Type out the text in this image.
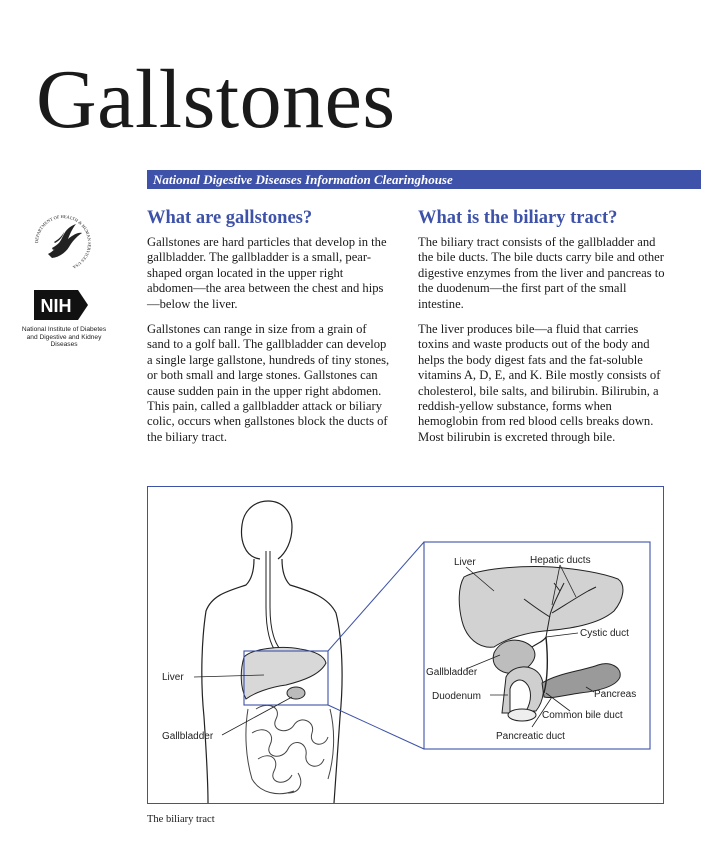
Gallstones
National Digestive Diseases Information Clearinghouse
DEPARTMENT OF HEALTH & HUMAN SERVICES USA
NIH
National Institute of Diabetes and Digestive and Kidney Diseases
What are gallstones?

Gallstones are hard particles that develop in the gallbladder. The gallbladder is a small, pear-shaped organ located in the upper right abdomen—the area between the chest and hips—below the liver.

Gallstones can range in size from a grain of sand to a golf ball. The gallbladder can develop a single large gallstone, hundreds of tiny stones, or both small and large stones. Gallstones can cause sudden pain in the upper right abdomen. This pain, called a gallbladder attack or biliary colic, occurs when gallstones block the ducts of the biliary tract.

What is the biliary tract?

The biliary tract consists of the gallbladder and the bile ducts. The bile ducts carry bile and other digestive enzymes from the liver and pancreas to the duodenum—the first part of the small intestine.

The liver produces bile—a fluid that carries toxins and waste products out of the body and helps the body digest fats and the fat-soluble vitamins A, D, E, and K. Bile mostly consists of cholesterol, bile salts, and bilirubin. Bilirubin, a reddish-yellow substance, forms when hemoglobin from red blood cells breaks down. Most bilirubin is excreted through bile.

Liver
Gallbladder
Liver	Hepatic ducts
Cystic duct
Gallbladder
Duodenum	Pancreas
Common bile duct
Pancreatic duct
The biliary tract
